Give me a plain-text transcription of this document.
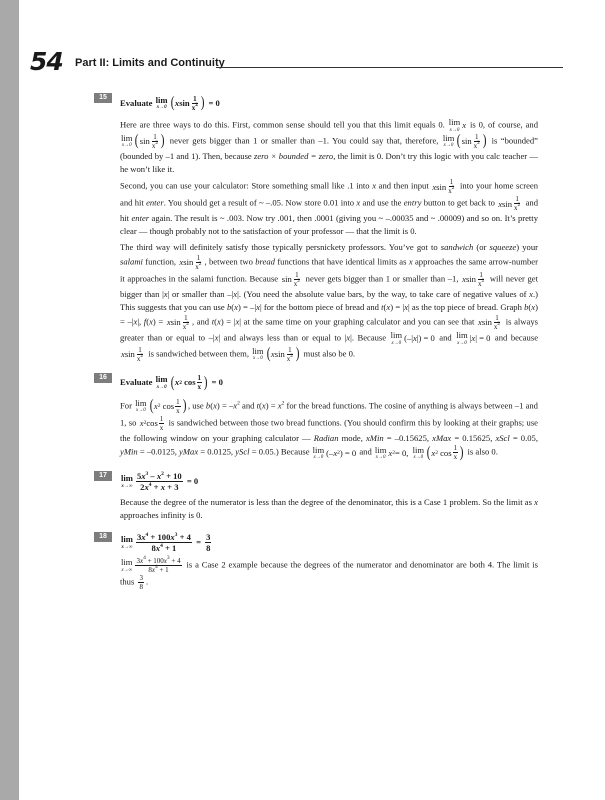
54 Part II: Limits and Continuity
15
Evaluate
lim
x→0 ( x $\sin \frac{1}{x^2}$ )
= 0

Here are three ways to do this. First, common sense should tell you that this limit equals 0. lim
x→0
x is 0, of course, and
lim
x→0 ( $\sin \frac{1}{x^2}$ ) never gets bigger than 1 or smaller than –1. You could say that, therefore, lim
x→0 ( $\sin \frac{1}{x^2}$ ) is “bounded” (bounded by –1 and 1). Then, because zero × bounded = zero, the limit is 0. Don’t try this logic with you calc teacher — he won’t like it.

Second, you can use your calculator: Store something small like .1 into x and then input x $\sin \frac{1}{x^2}$ into your home screen and hit enter. You should get a result of ~ –.05. Now store 0.01 into x and use the entry button to get back to x $\sin \frac{1}{x^2}$ and hit enter again. The result is ~ .003. Now try .001, then .0001 (giving you ~ –.00035 and ~ .00009) and so on. It’s pretty clear — though probably not to the satisfaction of your professor — that the limit is 0.

The third way will definitely satisfy those typically persnickety professors. You’ve got to sandwich (or squeeze) your salami function, x $\sin \frac{1}{x^2}$ , between two bread functions that have identical limits as x approaches the same arrow-number it approaches in the salami function. Because $\sin \frac{1}{x^2}$ never gets bigger than 1 or smaller than –1, x $\sin \frac{1}{x^2}$ will never get bigger than |x| or smaller than –|x|. (You need the absolute value bars, by the way, to take care of negative values of x.) This suggests that you can use b(x) = –|x| for the bottom piece of bread and t(x) = |x| as the top piece of bread. Graph b(x) = –|x|, f(x) = x $\sin \frac{1}{x^2}$ , and t(x) = |x| at the same time on your graphing calculator and you can see that x $\sin \frac{1}{x^2}$ is always greater than or equal to –|x| and always less than or equal to |x|. Because lim
x→0
(–| x |) = 0 and lim
x→0
| x | = 0 and because
x $\sin \frac{1}{x^2}$ is sandwiched between them, lim
x→0 ( x $\sin \frac{1}{x^2}$ ) must also be 0.

16
Evaluate
lim
x→0 ( x 2 $\cos \frac{1}{x}$ )
= 0

For lim
x→0 ( x 2 $\cos \frac{1}{x}$ ) , use $b(x) = -x^2$ and $t(x) = x^2$ for the bread functions. The cosine of anything is always between –1 and 1, so x 2 $\cos \frac{1}{x}$ is sandwiched between those two bread functions. (You should confirm this by looking at their graphs; use the following window on your graphing calculator — Radian mode, xMin = –0.15625, xMax = 0.15625, xScl = 0.05, yMin = –0.0125, yMax = 0.0125, yScl = 0.05.) Because lim
x→0
(– x 2 ) = 0 and lim
x→0
x 2 = 0, lim
x→0 ( x 2 $\cos \frac{1}{x}$ ) is also 0.

17	lim
$x\to\infty \frac{5x^3 - x^2 + 10}{2x^4 + x + 3}$
= 0

Because the degree of the numerator is less than the degree of the denominator, this is a Case 1 problem. So the limit as x approaches infinity is 0.

18	lim
$x\to\infty \frac{3x^4 + 100x^3 + 4}{8x^4 + 1} = \frac{3}{8}$

lim
$x\to\infty \frac{3x^4 + 100x^3 + 4}{8x^4 + 1}$ is a Case 2 example because the degrees of the numerator and denominator are both 4. The limit is thus $\frac{3}{8}$ .
